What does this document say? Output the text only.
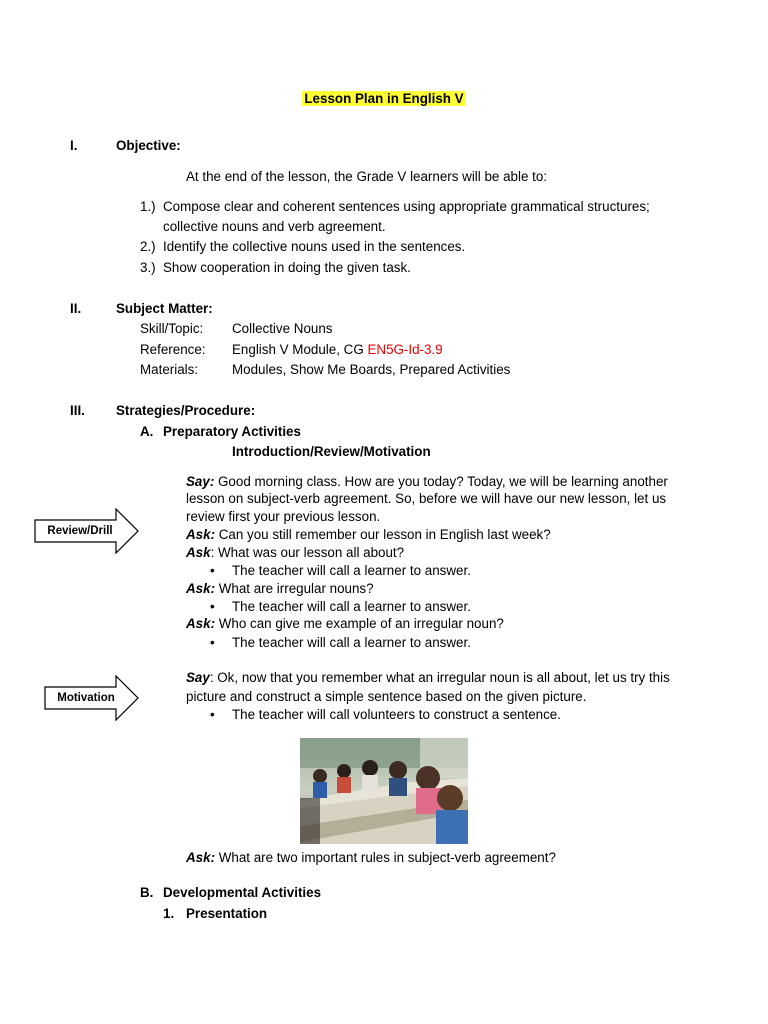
Lesson Plan in English V
I.	Objective:
At the end of the lesson, the Grade V learners will be able to:
1.) Compose clear and coherent sentences using appropriate grammatical structures;
collective nouns and verb agreement.
2.) Identify the collective nouns used in the sentences.
3.) Show cooperation in doing the given task.
II.	Subject Matter:
Skill/Topic: Collective Nouns
Reference: English V Module, CG EN5G-Id-3.9
Materials:	Modules, Show Me Boards, Prepared Activities
III. Strategies/Procedure:
A. Preparatory Activities
Introduction/Review/Motivation
Say: Good morning class. How are you today? Today, we will be learning another
lesson on subject-verb agreement. So, before we will have our new lesson, let us
review first your previous lesson.
Ask: Can you still remember our lesson in English last week?
Ask: What was our lesson all about?
• The teacher will call a learner to answer.
Ask: What are irregular nouns?
• The teacher will call a learner to answer.
Ask: Who can give me example of an irregular noun?
• The teacher will call a learner to answer.
Say: Ok, now that you remember what an irregular noun is all about, let us try this
picture and construct a simple sentence based on the given picture.
• The teacher will call volunteers to construct a sentence.
Ask: What are two important rules in subject-verb agreement?
B. Developmental Activities
1. Presentation
Review/Drill
Motivation
